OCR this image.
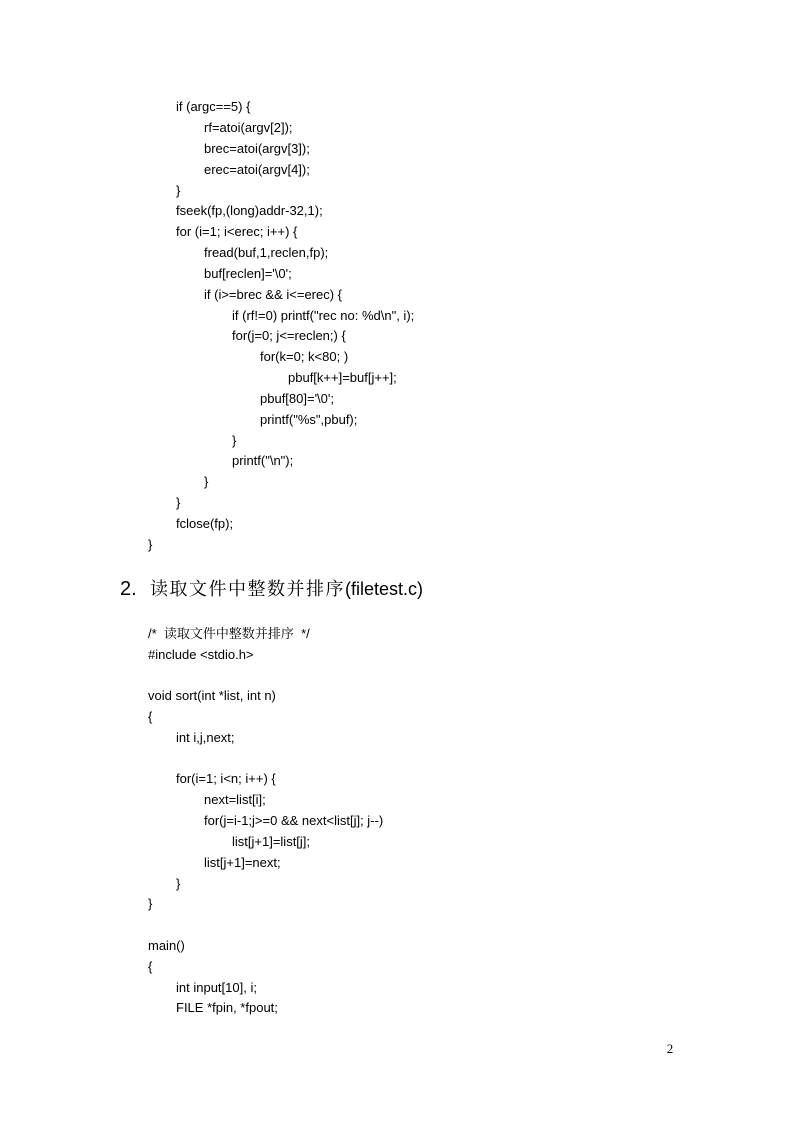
if (argc==5) {
rf=atoi(argv[2]);
brec=atoi(argv[3]);
erec=atoi(argv[4]);
}
fseek(fp,(long)addr-32,1);
for (i=1; i<erec; i++) {
fread(buf,1,reclen,fp);
buf[reclen]='\0';
if (i>=brec && i<=erec) {
if (rf!=0) printf("rec no: %d\n", i);
for(j=0; j<=reclen;) {
for(k=0; k<80; )
pbuf[k++]=buf[j++];
pbuf[80]='\0';
printf("%s",pbuf);
}
printf("\n");
}
}
fclose(fp);
}
2. 读取文件中整数并排序(filetest.c)
/*  读取文件中整数并排序  */
#include <stdio.h>
void sort(int *list, int n)
{
int i,j,next;
for(i=1; i<n; i++) {
next=list[i];
for(j=i-1;j>=0 && next<list[j]; j--)
list[j+1]=list[j];
list[j+1]=next;
}
}
main()
{
int input[10], i;
FILE *fpin, *fpout;
2
